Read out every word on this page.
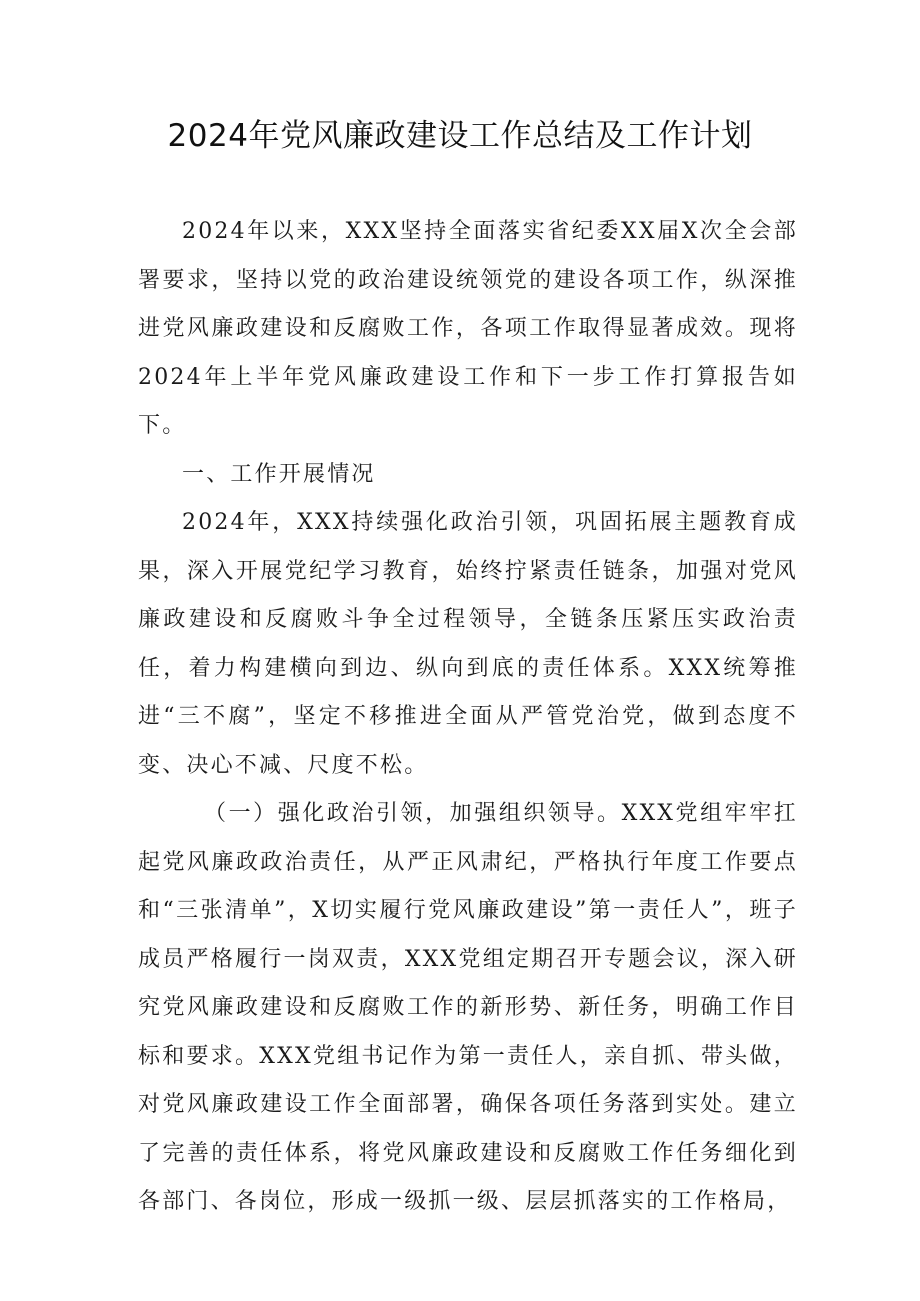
2024年党风廉政建设工作总结及工作计划

2024年以来，XXX坚持全面落实省纪委XX届X次全会部署要求，坚持以党的政治建设统领党的建设各项工作，纵深推进党风廉政建设和反腐败工作，各项工作取得显著成效。现将2024年上半年党风廉政建设工作和下一步工作打算报告如下。

一、工作开展情况

2024年，XXX持续强化政治引领，巩固拓展主题教育成果，深入开展党纪学习教育，始终拧紧责任链条，加强对党风廉政建设和反腐败斗争全过程领导，全链条压紧压实政治责任，着力构建横向到边、纵向到底的责任体系。XXX统筹推进“三不腐”，坚定不移推进全面从严管党治党，做到态度不变、决心不减、尺度不松。

（一）强化政治引领，加强组织领导。XXX党组牢牢扛起党风廉政政治责任，从严正风肃纪，严格执行年度工作要点和“三张清单”，X切实履行党风廉政建设”第一责任人”，班子成员严格履行一岗双责，XXX党组定期召开专题会议，深入研究党风廉政建设和反腐败工作的新形势、新任务，明确工作目标和要求。XXX党组书记作为第一责任人，亲自抓、带头做，对党风廉政建设工作全面部署，确保各项任务落到实处。建立了完善的责任体系，将党风廉政建设和反腐败工作任务细化到各部门、各岗位，形成一级抓一级、层层抓落实的工作格局，
